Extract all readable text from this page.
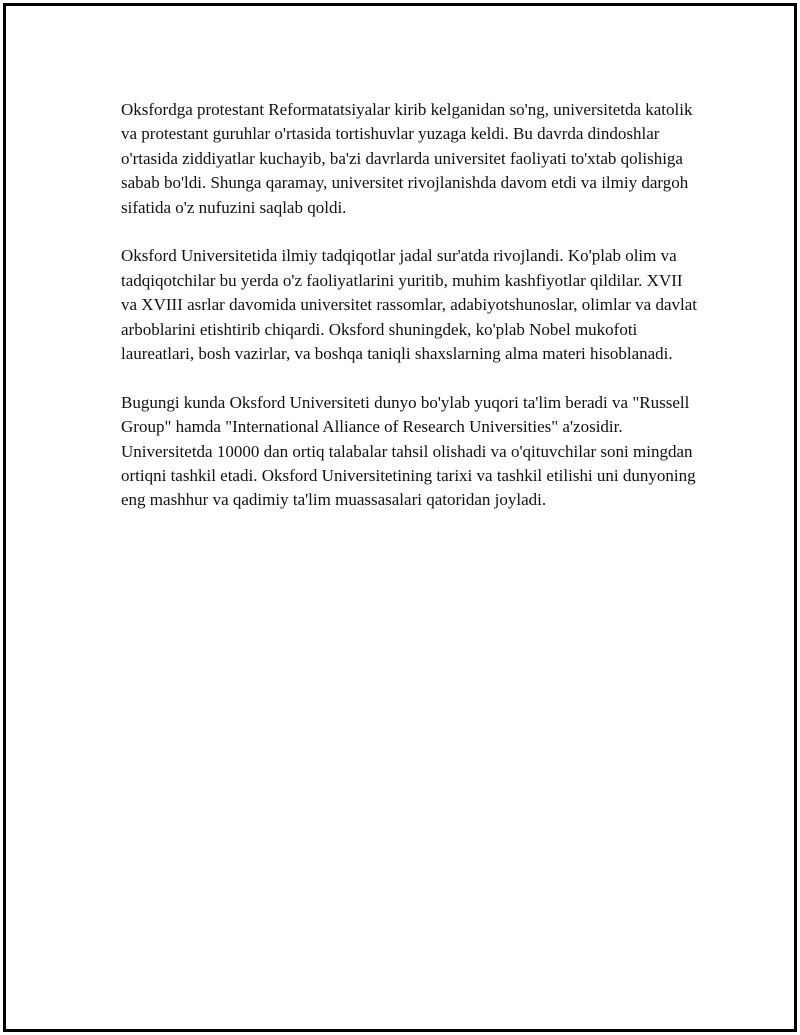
Oksfordga protestant Reformatatsiyalar kirib kelganidan so'ng, universitetda katolik va protestant guruhlar o'rtasida tortishuvlar yuzaga keldi. Bu davrda dindoshlar o'rtasida ziddiyatlar kuchayib, ba'zi davrlarda universitet faoliyati to'xtab qolishiga sabab bo'ldi. Shunga qaramay, universitet rivojlanishda davom etdi va ilmiy dargoh sifatida o'z nufuzini saqlab qoldi.

Oksford Universitetida ilmiy tadqiqotlar jadal sur'atda rivojlandi. Ko'plab olim va tadqiqotchilar bu yerda o'z faoliyatlarini yuritib, muhim kashfiyotlar qildilar. XVII va XVIII asrlar davomida universitet rassomlar, adabiyotshunoslar, olimlar va davlat arboblarini etishtirib chiqardi. Oksford shuningdek, ko'plab Nobel mukofoti laureatlari, bosh vazirlar, va boshqa taniqli shaxslarning alma materi hisoblanadi.

Bugungi kunda Oksford Universiteti dunyo bo'ylab yuqori ta'lim beradi va "Russell Group" hamda "International Alliance of Research Universities" a'zosidir. Universitetda 10000 dan ortiq talabalar tahsil olishadi va o'qituvchilar soni mingdan ortiqni tashkil etadi. Oksford Universitetining tarixi va tashkil etilishi uni dunyoning eng mashhur va qadimiy ta'lim muassasalari qatoridan joyladi.
